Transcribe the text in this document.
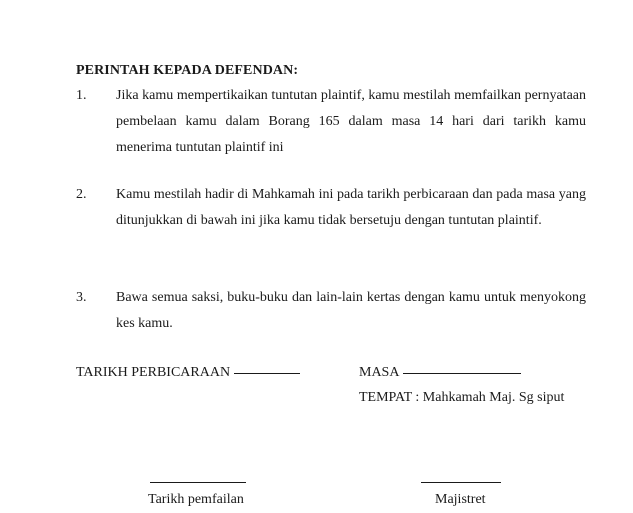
PERINTAH KEPADA DEFENDAN:
1. Jika kamu mempertikaikan tuntutan plaintif, kamu mestilah memfailkan pernyataan pembelaan kamu dalam Borang 165 dalam masa 14 hari dari tarikh kamu menerima tuntutan plaintif ini
2. Kamu mestilah hadir di Mahkamah ini pada tarikh perbicaraan dan pada masa yang ditunjukkan di bawah ini jika kamu tidak bersetuju dengan tuntutan plaintif.
3. Bawa semua saksi, buku-buku dan lain-lain kertas dengan kamu untuk menyokong kes kamu.
TARIKH PERBICARAAN	MASA
TEMPAT : Mahkamah Maj. Sg siput
Tarikh pemfailan	Majistret
